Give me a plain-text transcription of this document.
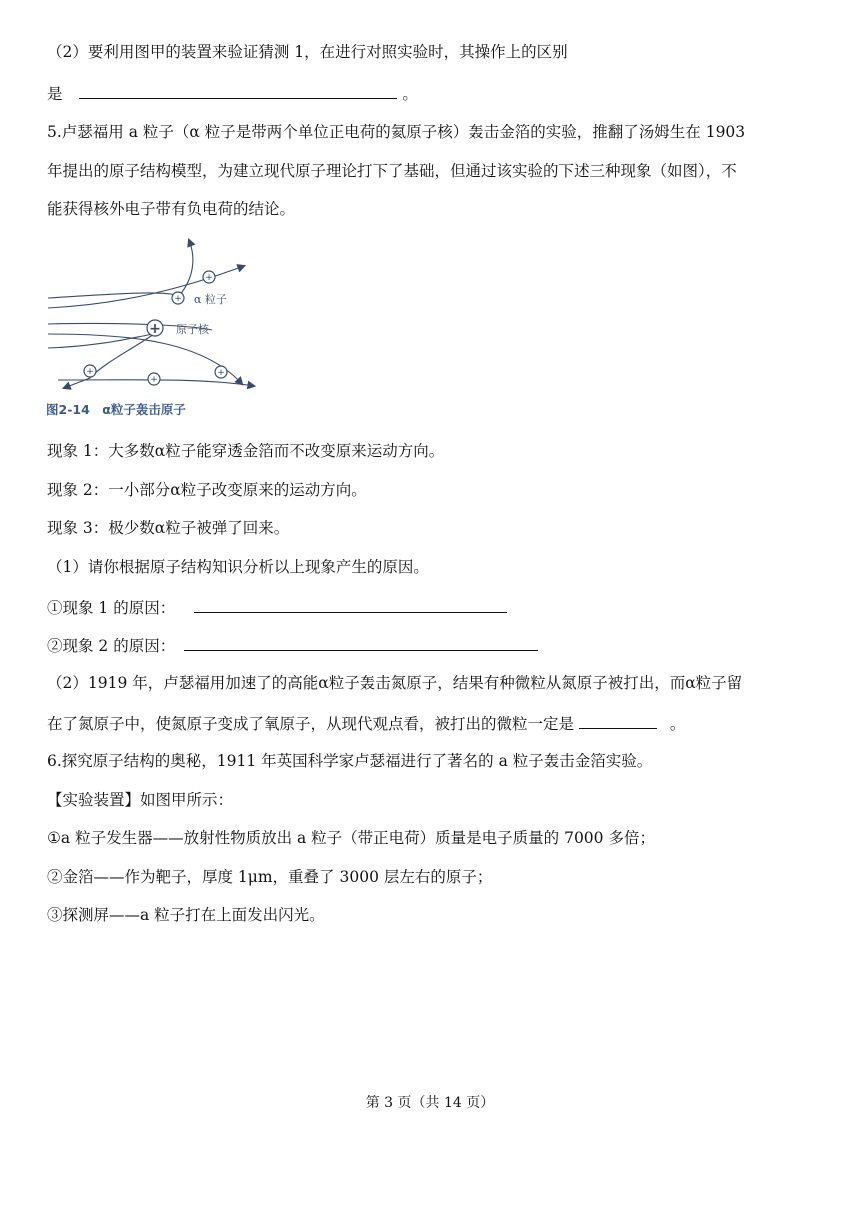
（2）要利用图甲的装置来验证猜测 1，在进行对照实验时，其操作上的区别
是	。
5.卢瑟福用 a 粒子（α 粒子是带两个单位正电荷的氦原子核）轰击金箔的实验，推翻了汤姆生在 1903
年提出的原子结构模型，为建立现代原子理论打下了基础，但通过该实验的下述三种现象（如图），不
能获得核外电子带有负电荷的结论。
+
+
+
+
+
+
α 粒子
原子核
图2-14　α粒子轰击原子
现象 1：大多数α粒子能穿透金箔而不改变原来运动方向。
现象 2：一小部分α粒子改变原来的运动方向。
现象 3：极少数α粒子被弹了回来。
（1）请你根据原子结构知识分析以上现象产生的原因。
①现象 1 的原因：
②现象 2 的原因：
（2）1919 年，卢瑟福用加速了的高能α粒子轰击氮原子，结果有种微粒从氮原子被打出，而α粒子留
在了氮原子中，使氮原子变成了氧原子，从现代观点看，被打出的微粒一定是	。
6.探究原子结构的奥秘，1911 年英国科学家卢瑟福进行了著名的 a 粒子轰击金箔实验。
【实验装置】如图甲所示：
①a 粒子发生器——放射性物质放出 a 粒子（带正电荷）质量是电子质量的 7000 多倍；
②金箔——作为靶子，厚度 1μm，重叠了 3000 层左右的原子；
③探测屏——a 粒子打在上面发出闪光。
第 3 页（共 14 页）
